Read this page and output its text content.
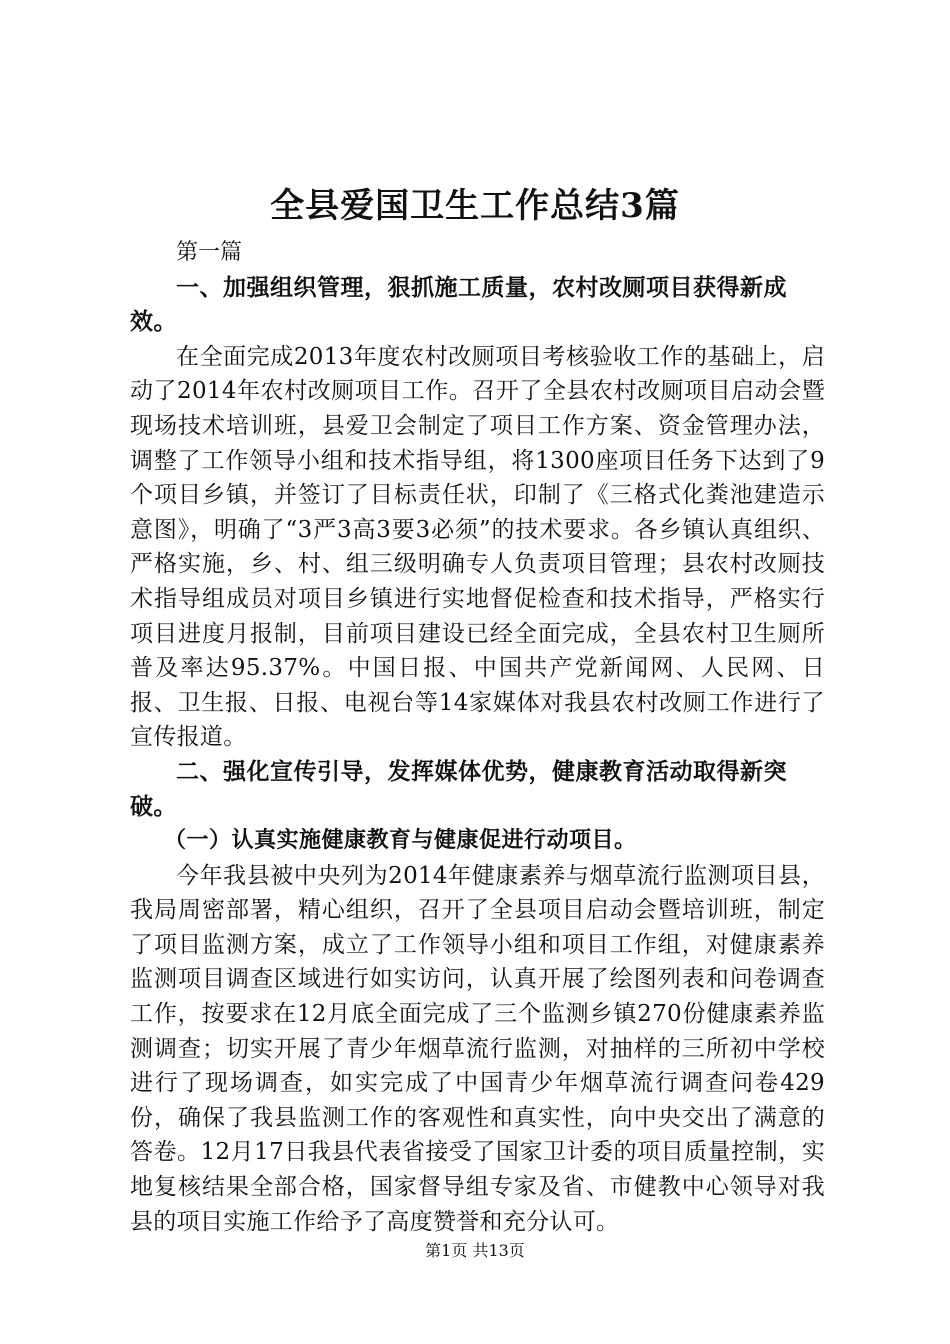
全县爱国卫生工作总结3篇

第一篇

一、加强组织管理，狠抓施工质量，农村改厕项目获得新成效。

在全面完成2013年度农村改厕项目考核验收工作的基础上，启动了2014年农村改厕项目工作。召开了全县农村改厕项目启动会暨现场技术培训班，县爱卫会制定了项目工作方案、资金管理办法，调整了工作领导小组和技术指导组，将1300座项目任务下达到了9个项目乡镇，并签订了目标责任状，印制了《三格式化粪池建造示意图》，明确了“3严3高3要3必须”的技术要求。各乡镇认真组织、严格实施，乡、村、组三级明确专人负责项目管理；县农村改厕技术指导组成员对项目乡镇进行实地督促检查和技术指导，严格实行项目进度月报制，目前项目建设已经全面完成，全县农村卫生厕所普及率达95.37%。中国日报、中国共产党新闻网、人民网、日报、卫生报、日报、电视台等14家媒体对我县农村改厕工作进行了宣传报道。

二、强化宣传引导，发挥媒体优势，健康教育活动取得新突破。

（一）认真实施健康教育与健康促进行动项目。

今年我县被中央列为2014年健康素养与烟草流行监测项目县，我局周密部署，精心组织，召开了全县项目启动会暨培训班，制定了项目监测方案，成立了工作领导小组和项目工作组，对健康素养监测项目调查区域进行如实访问，认真开展了绘图列表和问卷调查工作，按要求在12月底全面完成了三个监测乡镇270份健康素养监测调查；切实开展了青少年烟草流行监测，对抽样的三所初中学校进行了现场调查，如实完成了中国青少年烟草流行调查问卷429份，确保了我县监测工作的客观性和真实性，向中央交出了满意的答卷。12月17日我县代表省接受了国家卫计委的项目质量控制，实地复核结果全部合格，国家督导组专家及省、市健教中心领导对我县的项目实施工作给予了高度赞誉和充分认可。

第1页 共13页
